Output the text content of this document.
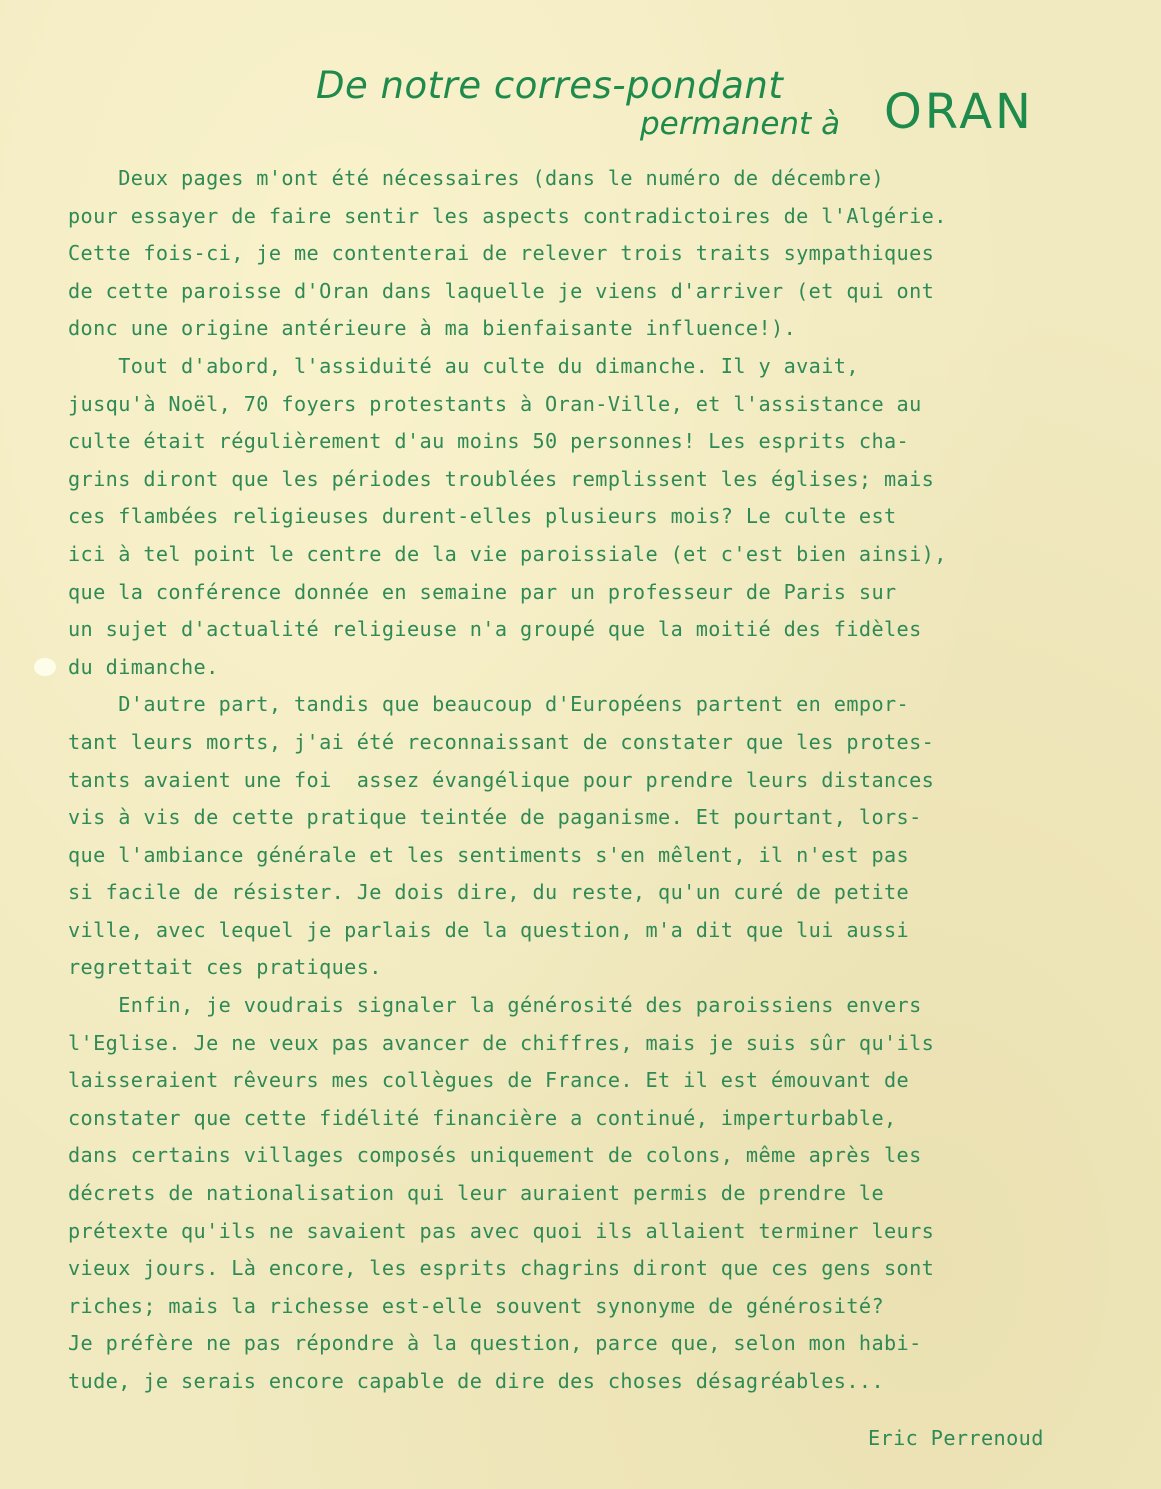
De notre corres-pondant ORAN
permanent à
Deux pages m'ont été nécessaires (dans le numéro de décembre)
pour essayer de faire sentir les aspects contradictoires de l'Algérie.
Cette fois-ci, je me contenterai de relever trois traits sympathiques
de cette paroisse d'Oran dans laquelle je viens d'arriver (et qui ont
donc une origine antérieure à ma bienfaisante influence!).
Tout d'abord, l'assiduité au culte du dimanche. Il y avait,
jusqu'à Noël, 70 foyers protestants à Oran-Ville, et l'assistance au
culte était régulièrement d'au moins 50 personnes! Les esprits cha-
grins diront que les périodes troublées remplissent les églises; mais
ces flambées religieuses durent-elles plusieurs mois? Le culte est
ici à tel point le centre de la vie paroissiale (et c'est bien ainsi),
que la conférence donnée en semaine par un professeur de Paris sur
un sujet d'actualité religieuse n'a groupé que la moitié des fidèles
du dimanche.
D'autre part, tandis que beaucoup d'Européens partent en empor-
tant leurs morts, j'ai été reconnaissant de constater que les protes-
tants avaient une foi  assez évangélique pour prendre leurs distances
vis à vis de cette pratique teintée de paganisme. Et pourtant, lors-
que l'ambiance générale et les sentiments s'en mêlent, il n'est pas
si facile de résister. Je dois dire, du reste, qu'un curé de petite
ville, avec lequel je parlais de la question, m'a dit que lui aussi
regrettait ces pratiques.
Enfin, je voudrais signaler la générosité des paroissiens envers
l'Eglise. Je ne veux pas avancer de chiffres, mais je suis sûr qu'ils
laisseraient rêveurs mes collègues de France. Et il est émouvant de
constater que cette fidélité financière a continué, imperturbable,
dans certains villages composés uniquement de colons, même après les
décrets de nationalisation qui leur auraient permis de prendre le
prétexte qu'ils ne savaient pas avec quoi ils allaient terminer leurs
vieux jours. Là encore, les esprits chagrins diront que ces gens sont
riches; mais la richesse est-elle souvent synonyme de générosité?
Je préfère ne pas répondre à la question, parce que, selon mon habi-
tude, je serais encore capable de dire des choses désagréables...
Eric Perrenoud
